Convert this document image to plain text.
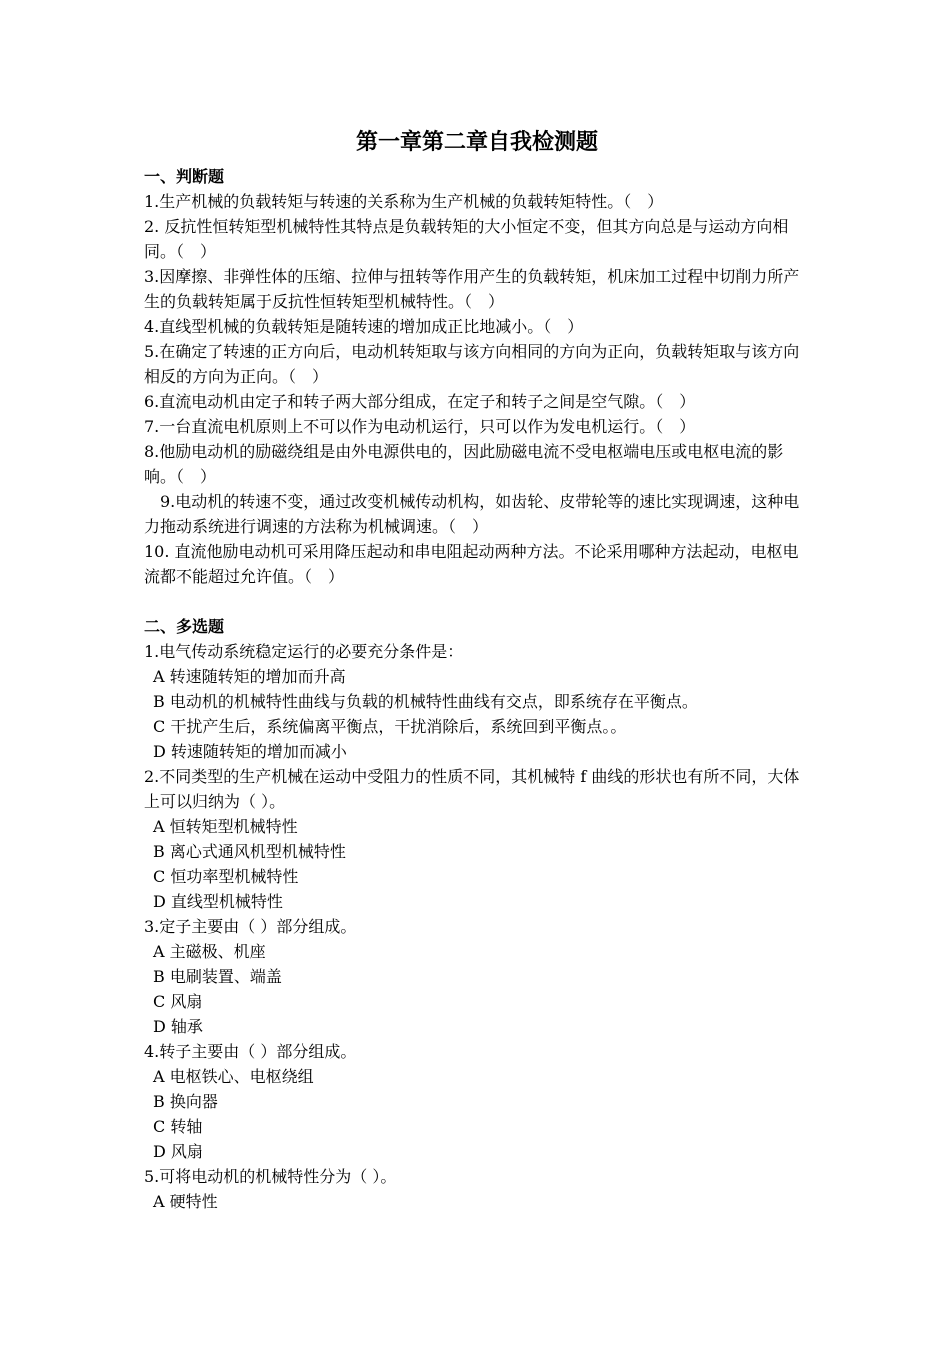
第一章第二章自我检测题

一、判断题

1.生产机械的负载转矩与转速的关系称为生产机械的负载转矩特性。（　）

2. 反抗性恒转矩型机械特性其特点是负载转矩的大小恒定不变，但其方向总是与运动方向相同。（　）

3.因摩擦、非弹性体的压缩、拉伸与扭转等作用产生的负载转矩，机床加工过程中切削力所产生的负载转矩属于反抗性恒转矩型机械特性。（　）

4.直线型机械的负载转矩是随转速的增加成正比地减小。（　）

5.在确定了转速的正方向后，电动机转矩取与该方向相同的方向为正向，负载转矩取与该方向相反的方向为正向。（　）

6.直流电动机由定子和转子两大部分组成，在定子和转子之间是空气隙。（　）

7.一台直流电机原则上不可以作为电动机运行，只可以作为发电机运行。（　）

8.他励电动机的励磁绕组是由外电源供电的，因此励磁电流不受电枢端电压或电枢电流的影响。（　）

9.电动机的转速不变，通过改变机械传动机构，如齿轮、皮带轮等的速比实现调速，这种电力拖动系统进行调速的方法称为机械调速。（　）

10. 直流他励电动机可采用降压起动和串电阻起动两种方法。不论采用哪种方法起动，电枢电流都不能超过允许值。（　）

二、多选题

1.电气传动系统稳定运行的必要充分条件是：

A 转速随转矩的增加而升高

B 电动机的机械特性曲线与负载的机械特性曲线有交点，即系统存在平衡点。

C 干扰产生后，系统偏离平衡点，干扰消除后，系统回到平衡点。。

D 转速随转矩的增加而减小

2.不同类型的生产机械在运动中受阻力的性质不同，其机械特 f 曲线的形状也有所不同，大体上可以归纳为（ ）。

A 恒转矩型机械特性

B 离心式通风机型机械特性

C 恒功率型机械特性

D 直线型机械特性

3.定子主要由（ ）部分组成。

A 主磁极、机座

B 电刷装置、端盖

C 风扇

D 轴承

4.转子主要由（ ）部分组成。

A 电枢铁心、电枢绕组

B 换向器

C 转轴

D 风扇

5.可将电动机的机械特性分为（ ）。

A 硬特性
